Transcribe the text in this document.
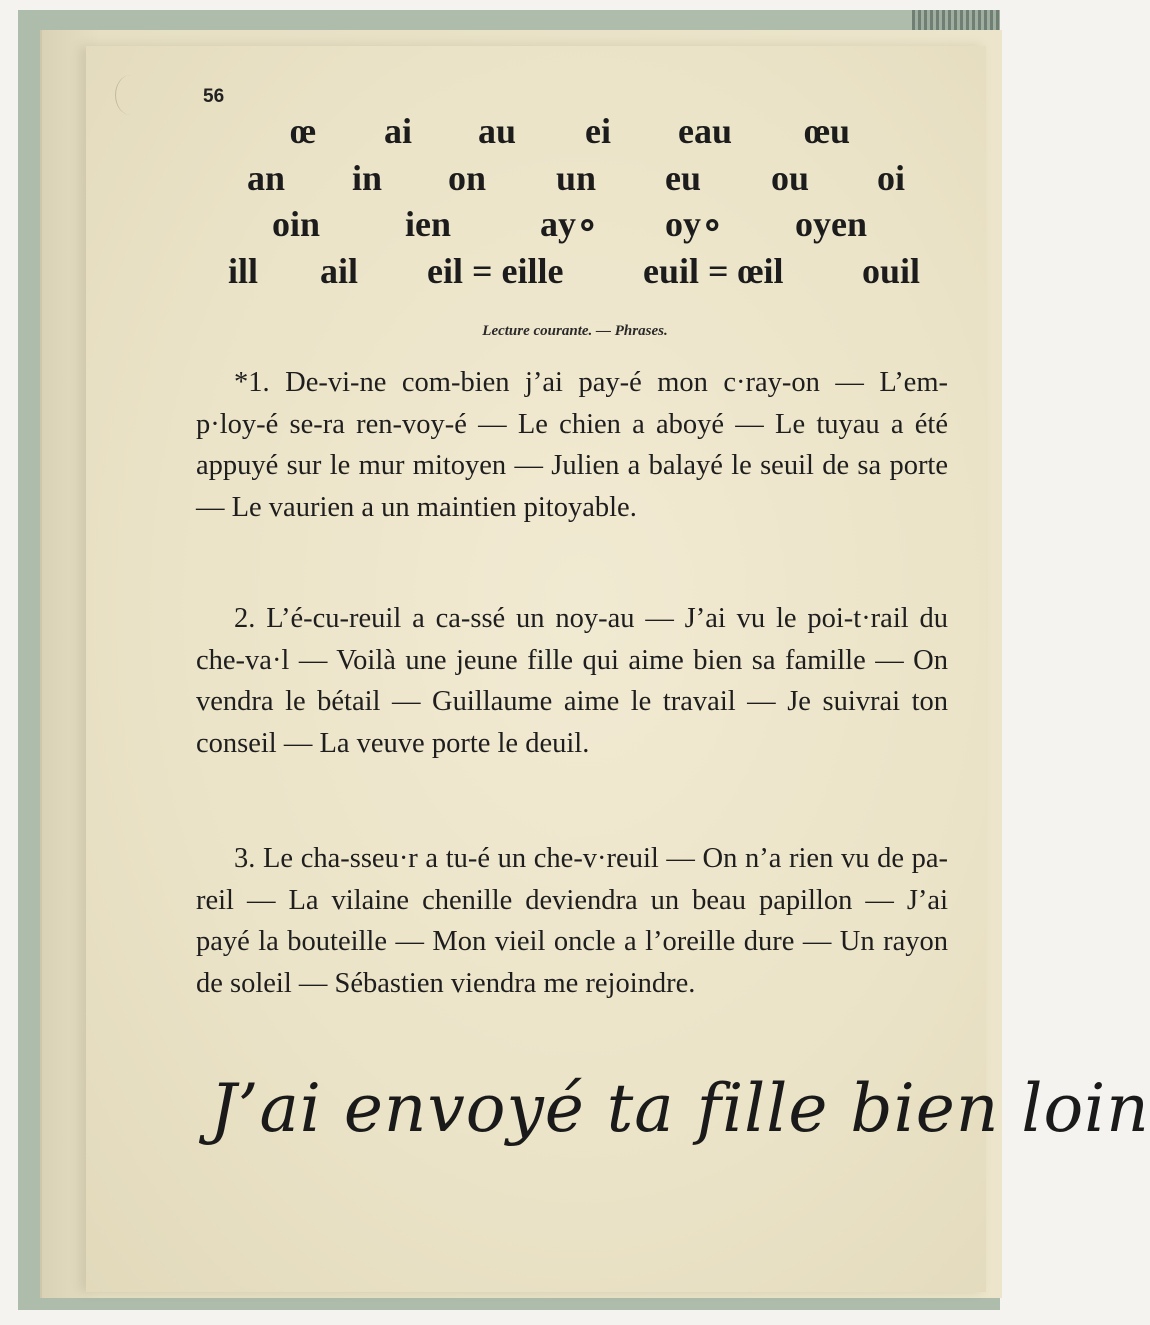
56
œ ai au ei eau œu
an in on un eu ou oi
oin ien ay∘ oy∘ oyen
ill ail eil = eille euil = œil ouil
Lecture courante. — Phrases.

*1. De-vi-ne com-bien j’ai pay-é mon c·ray-on — L’em-p·loy-é se-ra ren-voy-é — Le chien a aboyé — Le tuyau a été appuyé sur le mur mitoyen — Julien a balayé le seuil de sa porte — Le vaurien a un maintien pitoyable.

2. L’é-cu-reuil a ca-ssé un noy-au — J’ai vu le poi-t·rail du che-va·l — Voilà une jeune fille qui aime bien sa famille — On vendra le bétail — Guillaume aime le travail — Je suivrai ton conseil — La veuve porte le deuil.

3. Le cha-sseu·r a tu-é un che-v·reuil — On n’a rien vu de pa-reil — La vilaine chenille deviendra un beau papillon — J’ai payé la bouteille — Mon vieil oncle a l’oreille dure — Un rayon de soleil — Sébastien viendra me rejoindre.

J’ai envoyé ta fille bien loin
